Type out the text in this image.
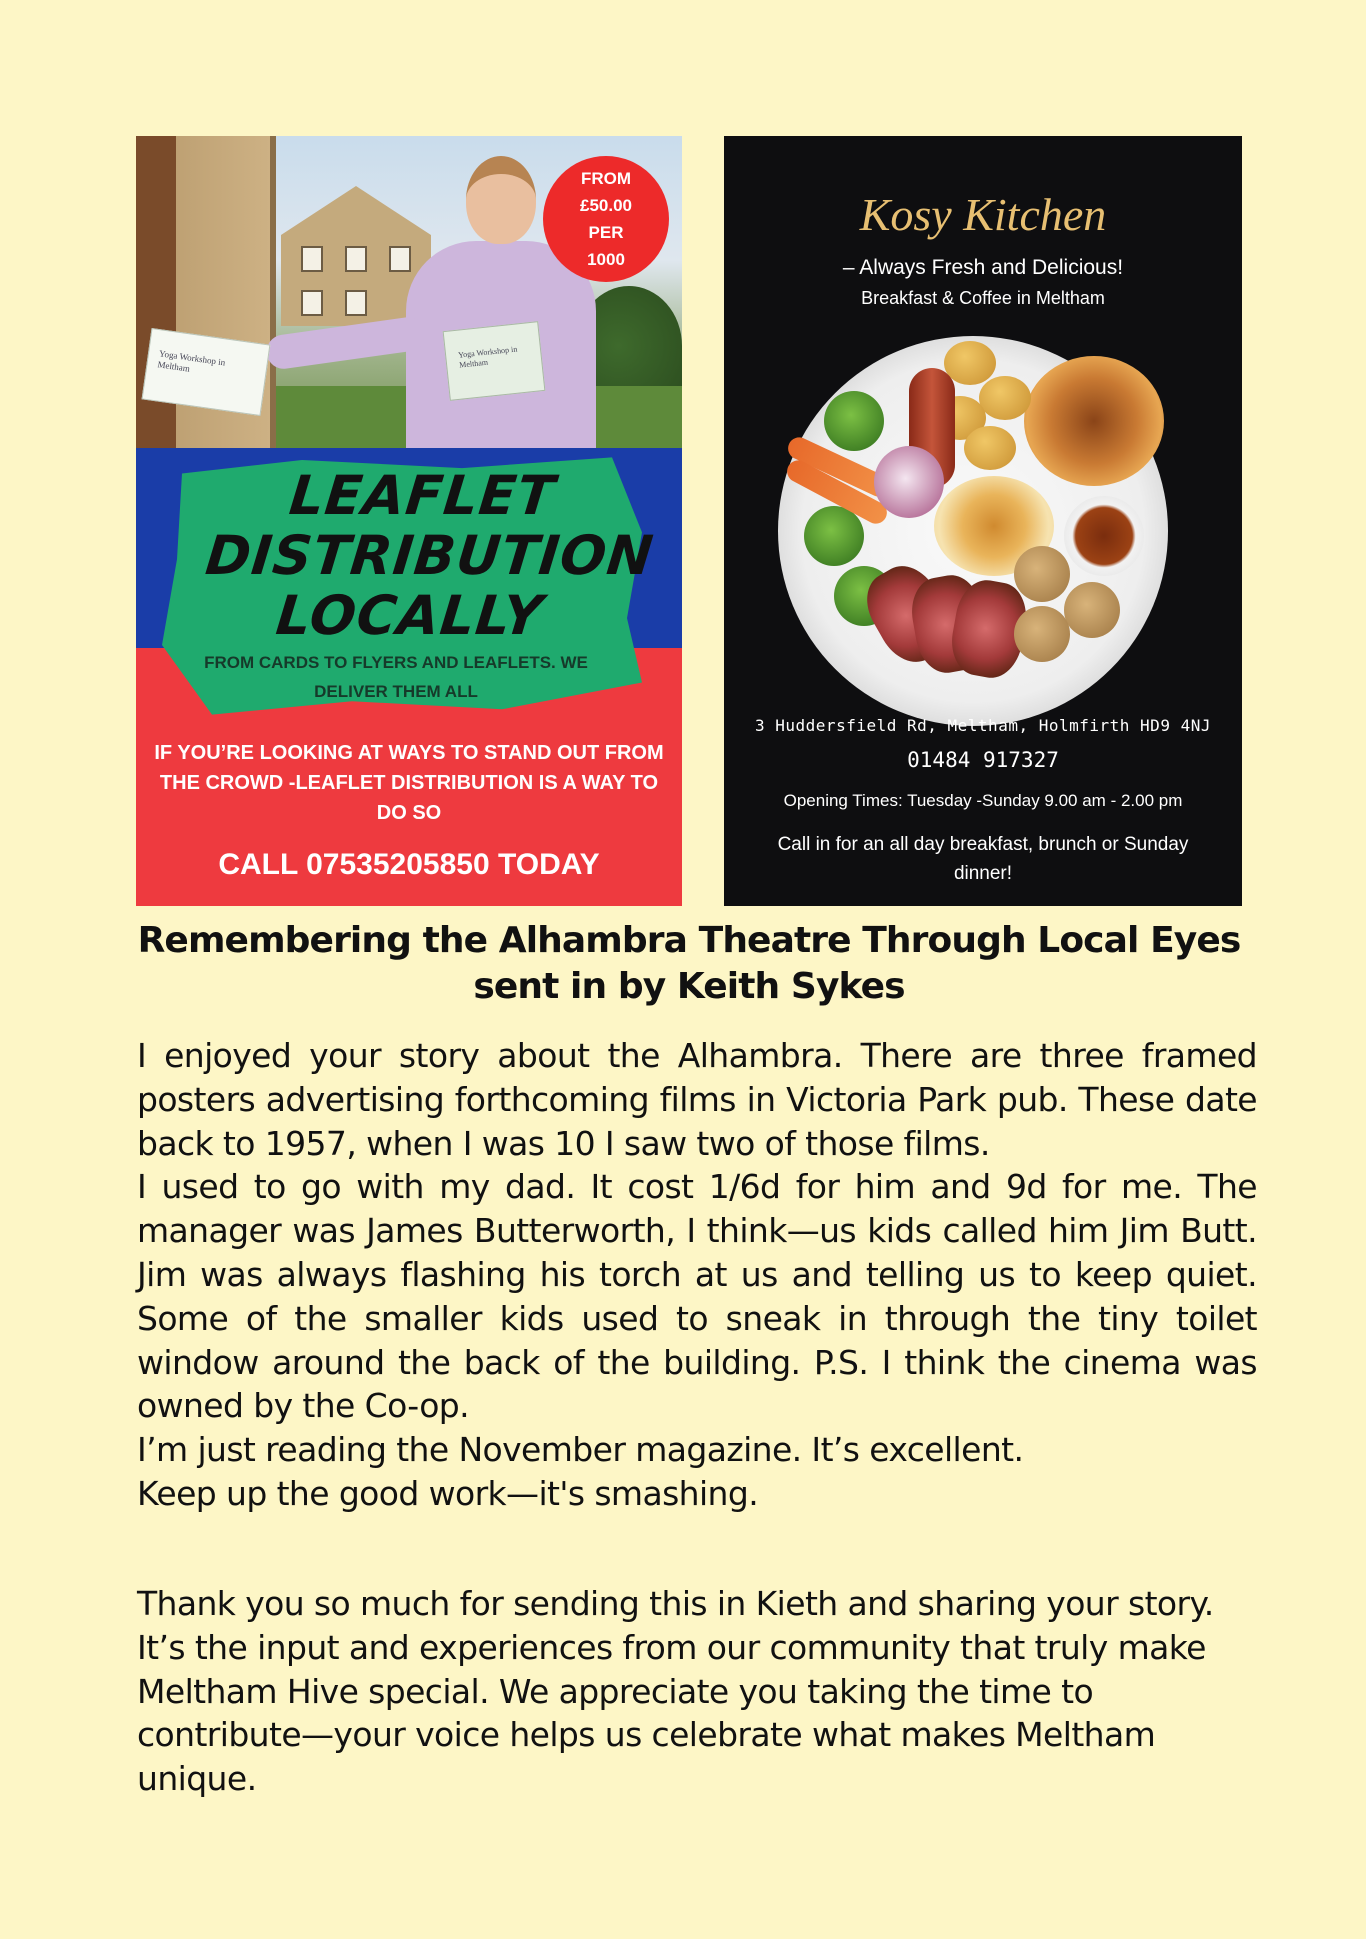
Yoga Workshop in Meltham
Yoga Workshop in Meltham
FROM
£50.00
PER
1000
LEAFLET
DISTRIBUTION
LOCALLY
FROM CARDS TO FLYERS AND LEAFLETS. WE DELIVER THEM ALL
IF YOU’RE LOOKING AT WAYS TO STAND OUT FROM THE CROWD -LEAFLET DISTRIBUTION IS A WAY TO DO SO
CALL 07535205850 TODAY
Kosy Kitchen
– Always Fresh and Delicious!
Breakfast & Coffee in Meltham
3 Huddersfield Rd, Meltham, Holmfirth HD9 4NJ
01484 917327
Opening Times: Tuesday -Sunday 9.00 am - 2.00 pm
Call in for an all day breakfast, brunch or Sunday dinner!
Remembering the Alhambra Theatre Through Local Eyes sent in by Keith Sykes

I enjoyed your story about the Alhambra. There are three framed posters advertising forthcoming films in Victoria Park pub. These date back to 1957, when I was 10 I saw two of those films.

I used to go with my dad. It cost 1/6d for him and 9d for me. The manager was James Butterworth, I think—us kids called him Jim Butt. Jim was always flashing his torch at us and telling us to keep quiet. Some of the smaller kids used to sneak in through the tiny toilet window around the back of the building. P.S. I think the cinema was owned by the Co-op.

I’m just reading the November magazine. It’s excellent.
Keep up the good work—it's smashing.

Thank you so much for sending this in Kieth and sharing your story. It’s the input and experiences from our community that truly make Meltham Hive special. We appreciate you taking the time to contribute—your voice helps us celebrate what makes Meltham unique.
